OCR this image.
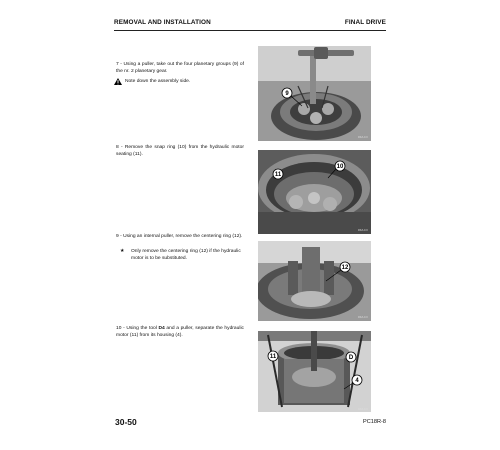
REMOVAL AND INSTALLATION	FINAL DRIVE
7 - Using a puller, take out the four planetary groups (9) of the nr. 2 planetary gear.
Note down the assembly side.
9
RKA.0.0
8 - Remove the snap ring (10) from the hydraulic motor seating (11).
11
10
RKA.0.0
9 - Using an internal puller, remove the centering ring (12).
★	Only remove the centering ring (12) if the hydraulic motor is to be substituted.
12
RKA.0.0
10 - Using the tool D4 and a puller, separate the hydraulic motor (11) from its housing (4).
11	D
4
RKA.0.0
30-50	PC18R-8
